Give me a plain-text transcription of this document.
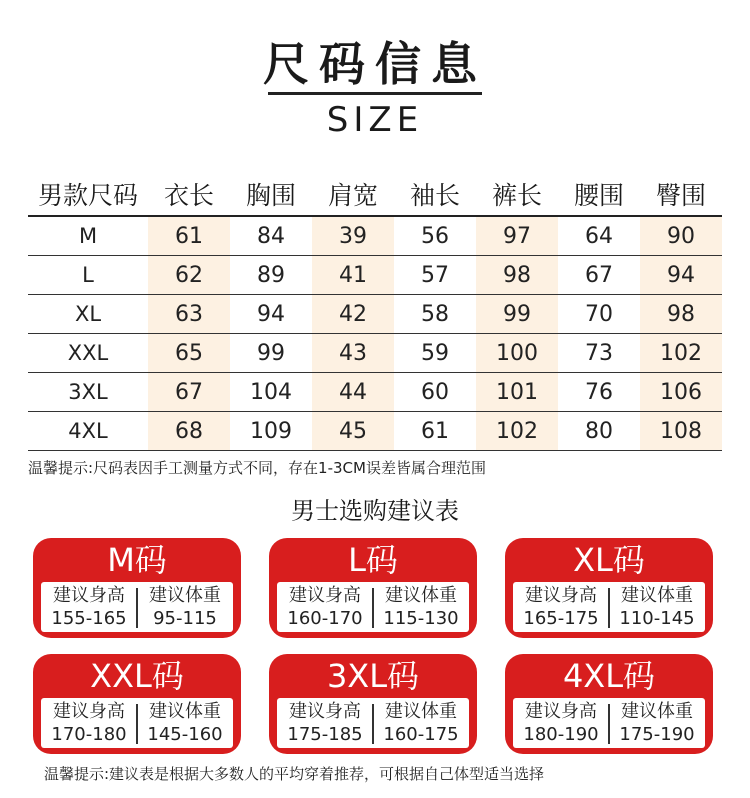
尺码信息
SIZE
男款尺码	衣长	胸围	肩宽	袖长	裤长	腰围	臀围
M	61	84	39	56	97	64	90
L	62	89	41	57	98	67	94
XL	63	94	42	58	99	70	98
XXL	65	99	43	59	100	73	102
3XL	67	104	44	60	101	76	106
4XL	68	109	45	61	102	80	108
温馨提示:尺码表因手工测量方式不同，存在1-3CM误差皆属合理范围
男士选购建议表
M码
建议身高
155-165
建议体重
95-115
L码
建议身高
160-170
建议体重
115-130
XL码
建议身高
165-175
建议体重
110-145
XXL码
建议身高
170-180
建议体重
145-160
3XL码
建议身高
175-185
建议体重
160-175
4XL码
建议身高
180-190
建议体重
175-190
温馨提示:建议表是根据大多数人的平均穿着推荐，可根据自己体型适当选择
